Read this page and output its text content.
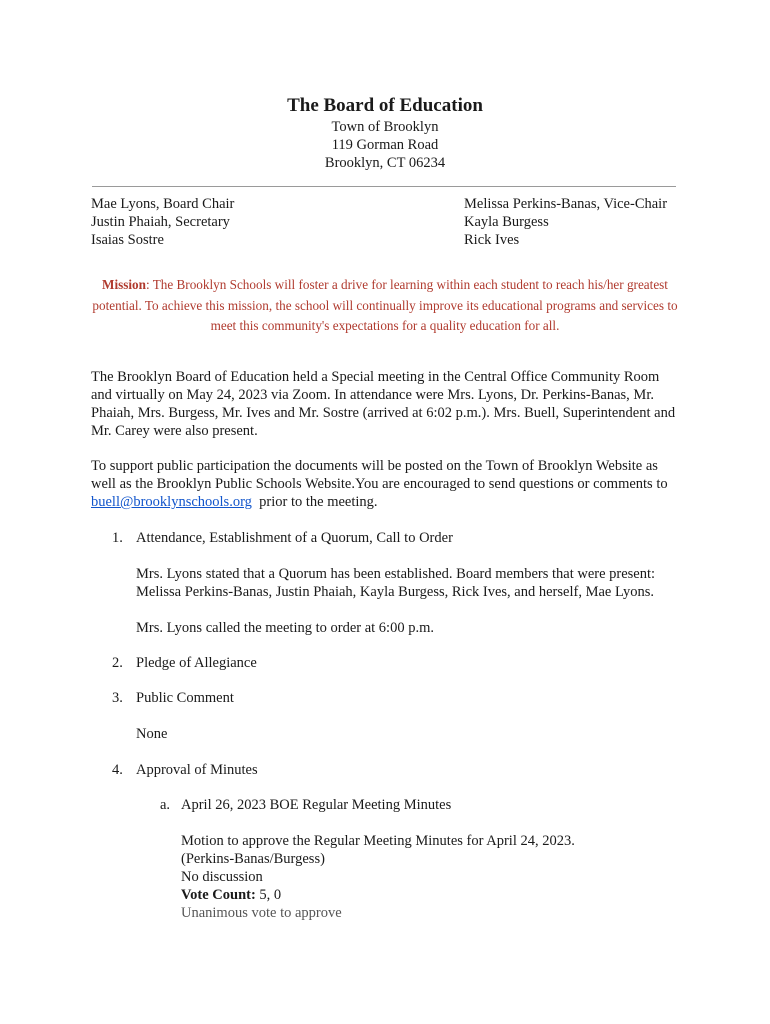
The Board of Education
Town of Brooklyn
119 Gorman Road
Brooklyn, CT 06234
Mae Lyons, Board Chair
Justin Phaiah, Secretary
Isaias Sostre
Melissa Perkins-Banas, Vice-Chair
Kayla Burgess
Rick Ives
Mission: The Brooklyn Schools will foster a drive for learning within each student to reach his/her greatest potential. To achieve this mission, the school will continually improve its educational programs and services to meet this community's expectations for a quality education for all.
The Brooklyn Board of Education held a Special meeting in the Central Office Community Room and virtually on May 24, 2023 via Zoom. In attendance were Mrs. Lyons, Dr. Perkins-Banas, Mr. Phaiah, Mrs. Burgess, Mr. Ives and Mr. Sostre (arrived at 6:02 p.m.). Mrs. Buell, Superintendent and Mr. Carey were also present.
To support public participation the documents will be posted on the Town of Brooklyn Website as well as the Brooklyn Public Schools Website.You are encouraged to send questions or comments to buell@brooklynschools.org  prior to the meeting.
1. Attendance, Establishment of a Quorum, Call to Order
Mrs. Lyons stated that a Quorum has been established. Board members that were present: Melissa Perkins-Banas, Justin Phaiah, Kayla Burgess, Rick Ives, and herself, Mae Lyons.
Mrs. Lyons called the meeting to order at 6:00 p.m.
2. Pledge of Allegiance
3. Public Comment
None
4. Approval of Minutes
a. April 26, 2023 BOE Regular Meeting Minutes
Motion to approve the Regular Meeting Minutes for April 24, 2023.
(Perkins-Banas/Burgess)
No discussion
Vote Count: 5, 0
Unanimous vote to approve
